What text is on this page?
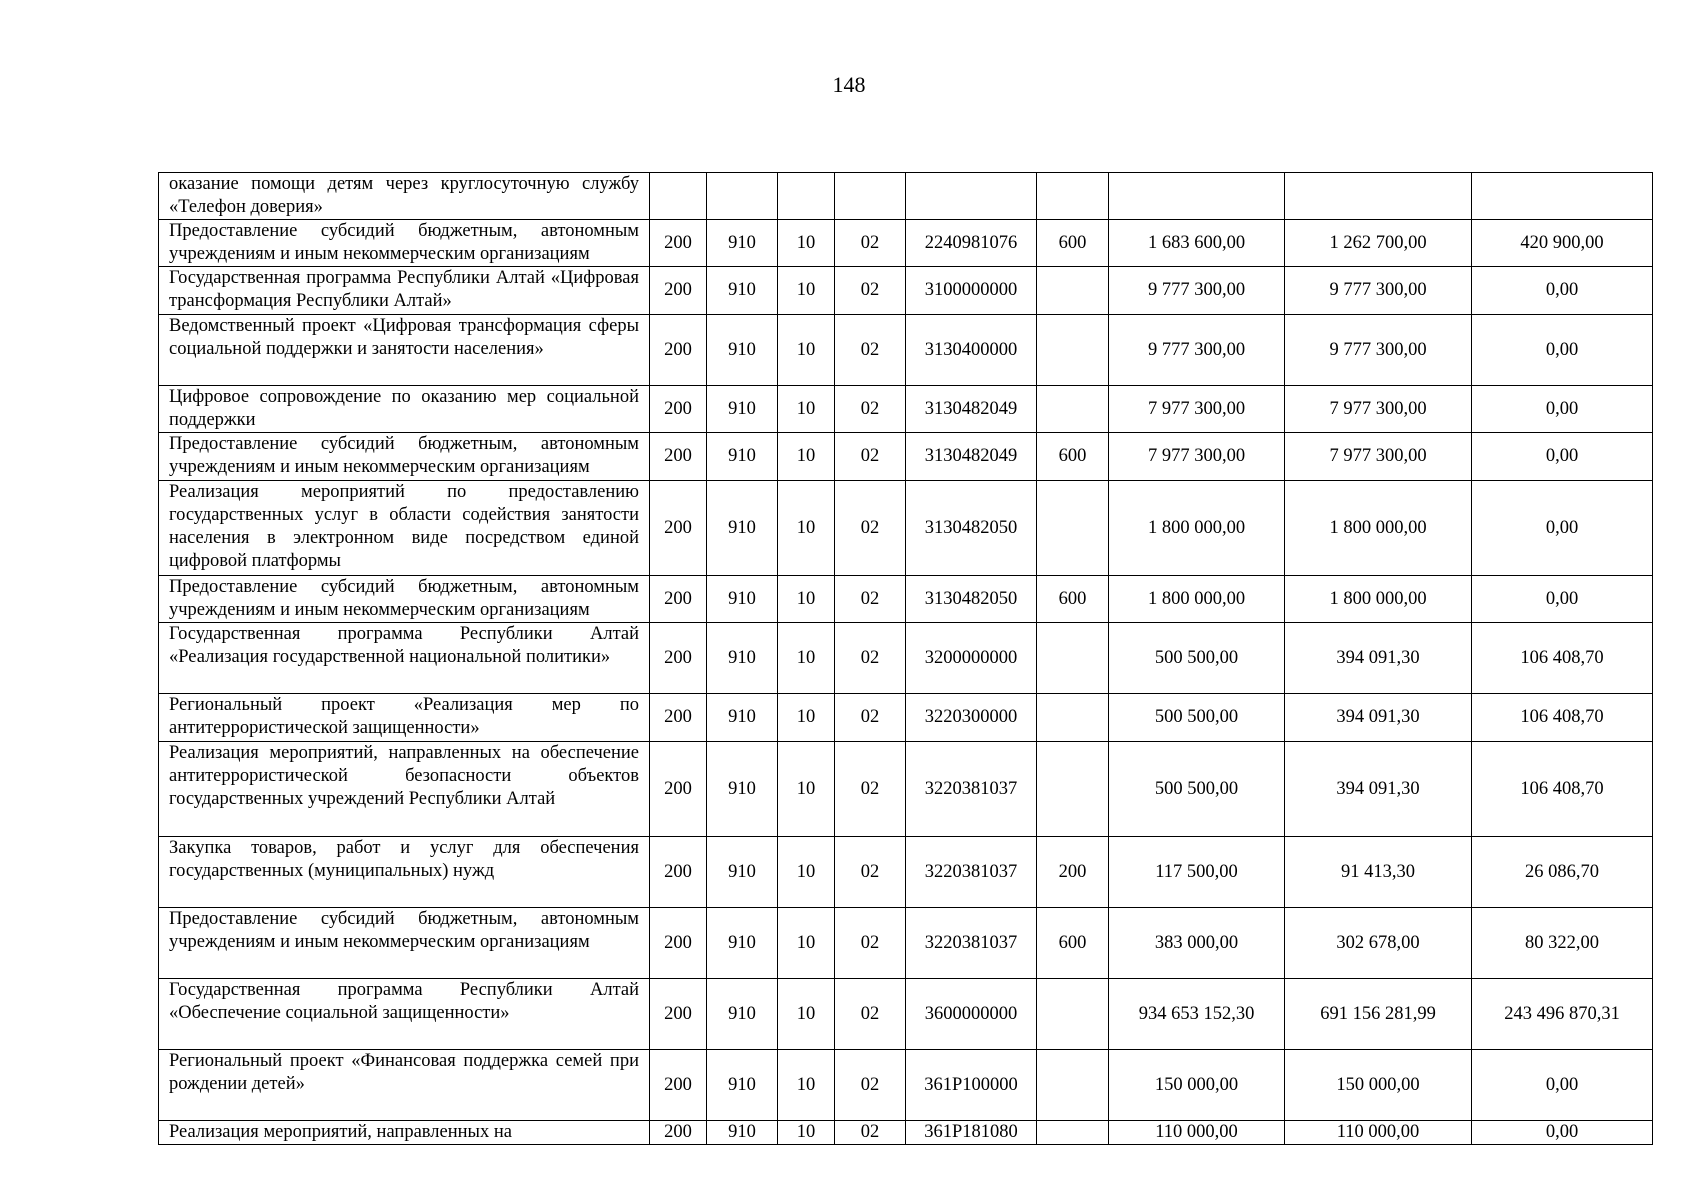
148
оказание помощи детям через круглосуточную службу «Телефон доверия»									
Предоставление субсидий бюджетным, автономным учреждениям и иным некоммерческим организациям	200	910	10	02	2240981076	600	1 683 600,00	1 262 700,00	420 900,00
Государственная программа Республики Алтай «Цифровая трансформация Республики Алтай»	200	910	10	02	3100000000		9 777 300,00	9 777 300,00	0,00
Ведомственный проект «Цифровая трансформация сферы социальной поддержки и занятости населения»	200	910	10	02	3130400000		9 777 300,00	9 777 300,00	0,00
Цифровое сопровождение по оказанию мер социальной поддержки	200	910	10	02	3130482049		7 977 300,00	7 977 300,00	0,00
Предоставление субсидий бюджетным, автономным учреждениям и иным некоммерческим организациям	200	910	10	02	3130482049	600	7 977 300,00	7 977 300,00	0,00
Реализация мероприятий по предоставлению государственных услуг в области содействия занятости населения в электронном виде посредством единой цифровой платформы	200	910	10	02	3130482050		1 800 000,00	1 800 000,00	0,00
Предоставление субсидий бюджетным, автономным учреждениям и иным некоммерческим организациям	200	910	10	02	3130482050	600	1 800 000,00	1 800 000,00	0,00
Государственная программа Республики Алтай «Реализация государственной национальной политики»	200	910	10	02	3200000000		500 500,00	394 091,30	106 408,70
Региональный проект «Реализация мер по антитеррористической защищенности»	200	910	10	02	3220300000		500 500,00	394 091,30	106 408,70
Реализация мероприятий, направленных на обеспечение антитеррористической безопасности объектов государственных учреждений Республики Алтай	200	910	10	02	3220381037		500 500,00	394 091,30	106 408,70
Закупка товаров, работ и услуг для обеспечения государственных (муниципальных) нужд	200	910	10	02	3220381037	200	117 500,00	91 413,30	26 086,70
Предоставление субсидий бюджетным, автономным учреждениям и иным некоммерческим организациям	200	910	10	02	3220381037	600	383 000,00	302 678,00	80 322,00
Государственная программа Республики Алтай «Обеспечение социальной защищенности»	200	910	10	02	3600000000		934 653 152,30	691 156 281,99	243 496 870,31
Региональный проект «Финансовая поддержка семей при рождении детей»	200	910	10	02	361P100000		150 000,00	150 000,00	0,00
Реализация мероприятий, направленных на	200	910	10	02	361P181080		110 000,00	110 000,00	0,00
